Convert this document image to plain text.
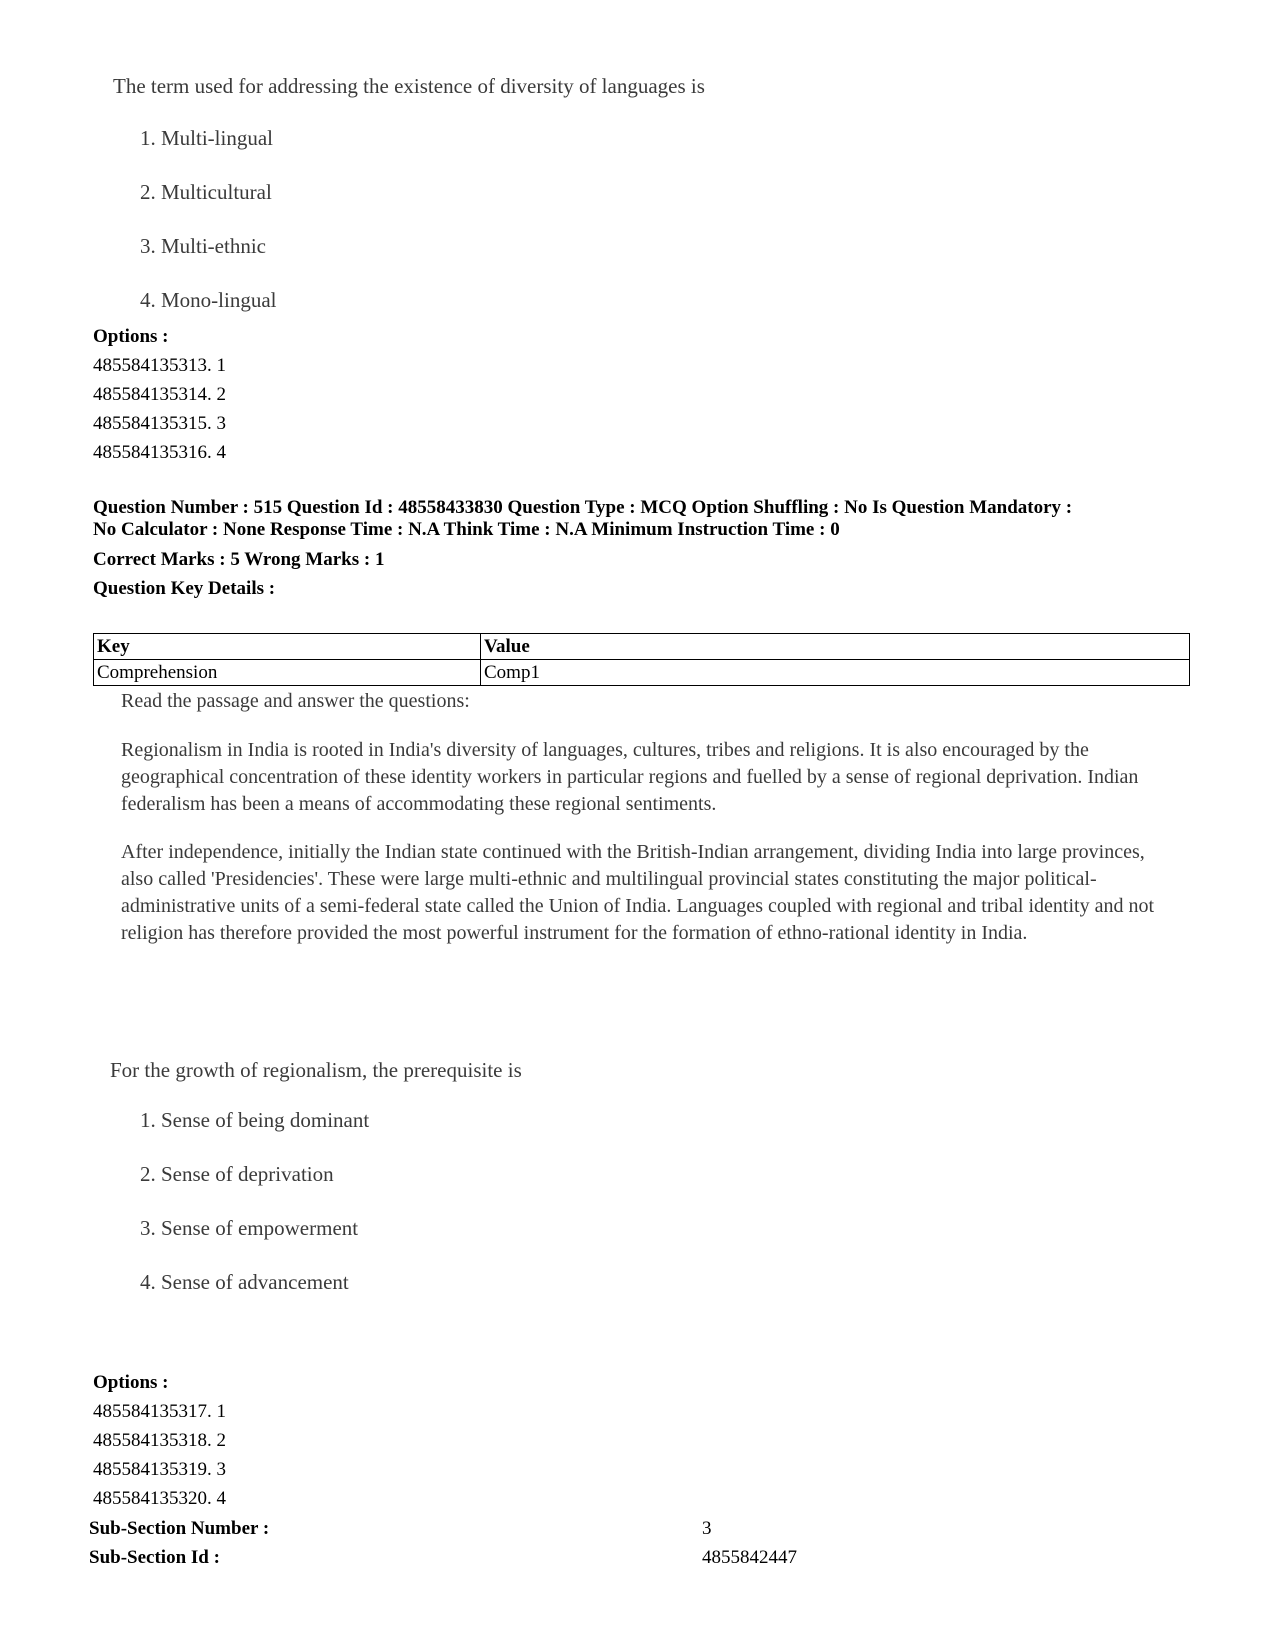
The term used for addressing the existence of diversity of languages is
1. Multi-lingual
2. Multicultural
3. Multi-ethnic
4. Mono-lingual
Options :
485584135313. 1
485584135314. 2
485584135315. 3
485584135316. 4
Question Number : 515 Question Id : 48558433830 Question Type : MCQ Option Shuffling : No Is Question Mandatory :
No Calculator : None Response Time : N.A Think Time : N.A Minimum Instruction Time : 0
Correct Marks : 5 Wrong Marks : 1
Question Key Details :
Key	Value
Comprehension	Comp1

Read the passage and answer the questions:

Regionalism in India is rooted in India's diversity of languages, cultures, tribes and religions. It is also encouraged by the geographical concentration of these identity workers in particular regions and fuelled by a sense of regional deprivation. Indian federalism has been a means of accommodating these regional sentiments.

After independence, initially the Indian state continued with the British-Indian arrangement, dividing India into large provinces, also called 'Presidencies'. These were large multi-ethnic and multilingual provincial states constituting the major political-administrative units of a semi-federal state called the Union of India. Languages coupled with regional and tribal identity and not religion has therefore provided the most powerful instrument for the formation of ethno-rational identity in India.

For the growth of regionalism, the prerequisite is
1. Sense of being dominant
2. Sense of deprivation
3. Sense of empowerment
4. Sense of advancement
Options :
485584135317. 1
485584135318. 2
485584135319. 3
485584135320. 4
Sub-Section Number :	3
Sub-Section Id :	4855842447
